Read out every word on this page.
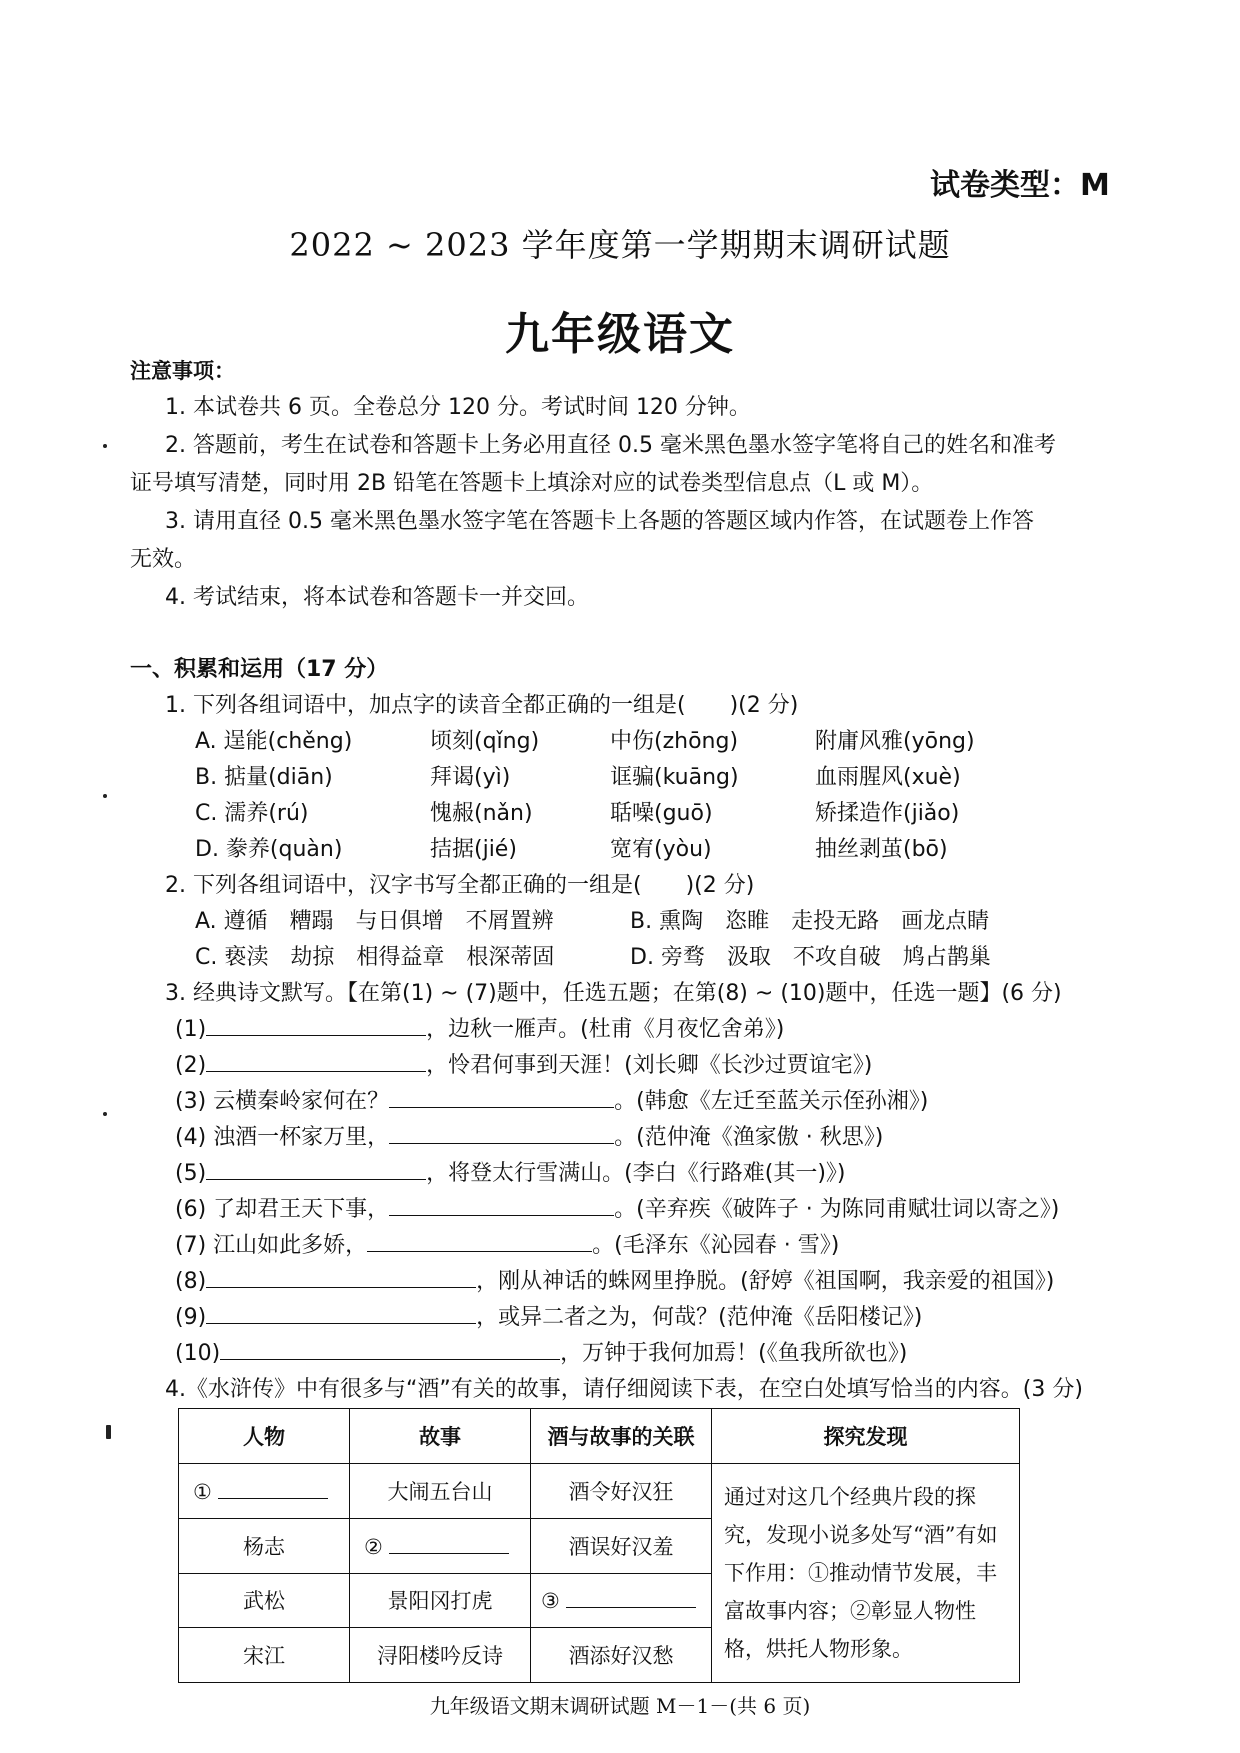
试卷类型：M
2022 ~ 2023 学年度第一学期期末调研试题
九年级语文
注意事项：
1. 本试卷共 6 页。全卷总分 120 分。考试时间 120 分钟。
2. 答题前，考生在试卷和答题卡上务必用直径 0.5 毫米黑色墨水签字笔将自己的姓名和准考
证号填写清楚，同时用 2B 铅笔在答题卡上填涂对应的试卷类型信息点（L 或 M）。
3. 请用直径 0.5 毫米黑色墨水签字笔在答题卡上各题的答题区域内作答，在试题卷上作答
无效。
4. 考试结束，将本试卷和答题卡一并交回。
一、积累和运用（17 分）
1. 下列各组词语中，加点字的读音全都正确的一组是(　　)(2 分)
A. 逞能(chěng)	顷刻(qǐng)	中伤(zhōng)	附庸风雅(yōng)
B. 掂量(diān)	拜谒(yì)	诓骗(kuāng)	血雨腥风(xuè)
C. 濡养(rú)	愧赧(nǎn)	聒噪(guō)	矫揉造作(jiǎo)
D. 豢养(quàn)	拮据(jié)	宽宥(yòu)	抽丝剥茧(bō)
2. 下列各组词语中，汉字书写全都正确的一组是(　　)(2 分)
A. 遵循　糟蹋　与日俱增　不屑置辨	B. 熏陶　恣睢　走投无路　画龙点睛
C. 亵渎　劫掠　相得益章　根深蒂固	D. 旁骛　汲取　不攻自破　鸠占鹊巢
3. 经典诗文默写。【在第(1) ~ (7)题中，任选五题；在第(8) ~ (10)题中，任选一题】(6 分)
(1)	，边秋一雁声。(杜甫《月夜忆舍弟》)
(2)	，怜君何事到天涯！(刘长卿《长沙过贾谊宅》)
(3) 云横秦岭家何在？	。(韩愈《左迁至蓝关示侄孙湘》)
(4) 浊酒一杯家万里，	。(范仲淹《渔家傲 · 秋思》)
(5)	，将登太行雪满山。(李白《行路难(其一)》)
(6) 了却君王天下事，	。(辛弃疾《破阵子 · 为陈同甫赋壮词以寄之》)
(7) 江山如此多娇，	。(毛泽东《沁园春 · 雪》)
(8)	，刚从神话的蛛网里挣脱。(舒婷《祖国啊，我亲爱的祖国》)
(9)	，或异二者之为，何哉？(范仲淹《岳阳楼记》)
(10)	，万钟于我何加焉！(《鱼我所欲也》)
4.《水浒传》中有很多与“酒”有关的故事，请仔细阅读下表，在空白处填写恰当的内容。(3 分)
人物	故事	酒与故事的关联	探究发现
①	大闹五台山	酒令好汉狂	通过对这几个经典片段的探究，发现小说多处写“酒”有如下作用：①推动情节发展，丰富故事内容；②彰显人物性格，烘托人物形象。
杨志	②	酒误好汉羞	
武松	景阳冈打虎	③	
宋江	浔阳楼吟反诗	酒添好汉愁	
九年级语文期末调研试题 M－1－(共 6 页)
